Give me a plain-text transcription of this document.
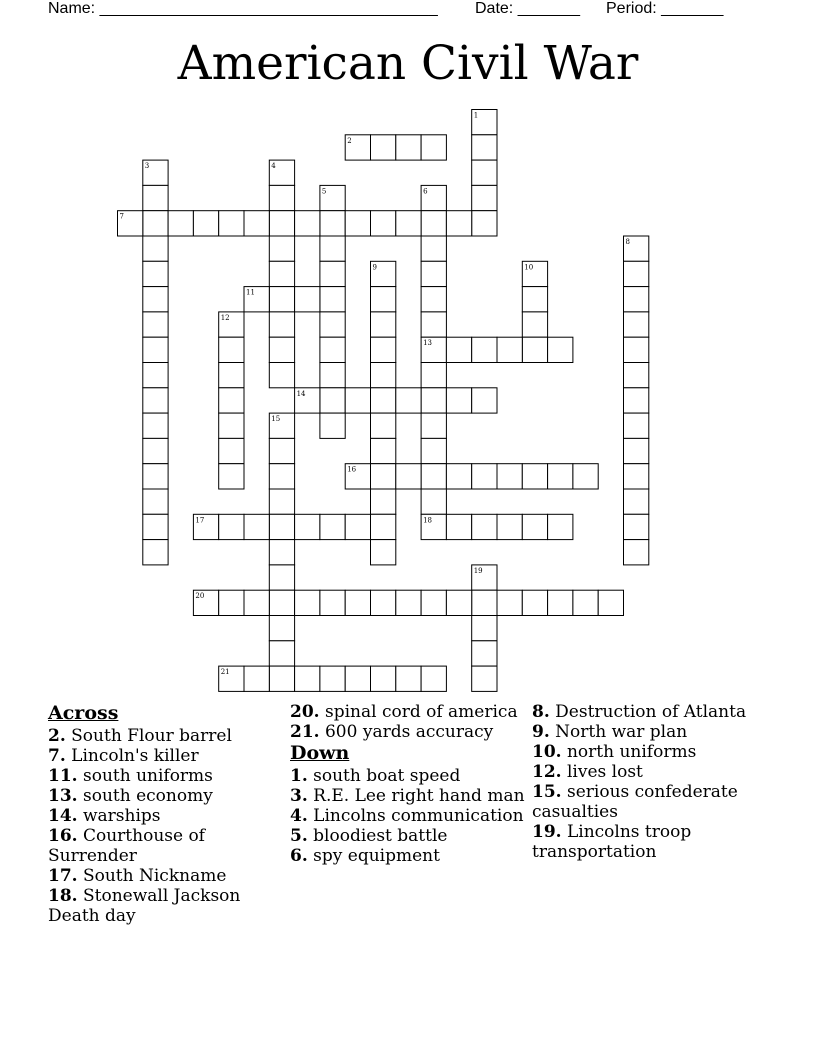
Name: ______________________________________

Date: _______

Period: _______

American Civil War
1
2
3	4
5	6
7
8
9	10
11
12
13
14
15
16
17	18
19
20
21
Across
2. South Flour barrel
7. Lincoln's killer
11. south uniforms
13. south economy
14. warships
16. Courthouse of Surrender
17. South Nickname
18. Stonewall Jackson Death day
20. spinal cord of america
21. 600 yards accuracy
Down
1. south boat speed
3. R.E. Lee right hand man
4. Lincolns communication
5. bloodiest battle
6. spy equipment
8. Destruction of Atlanta
9. North war plan
10. north uniforms
12. lives lost
15. serious confederate casualties
19. Lincolns troop transportation
